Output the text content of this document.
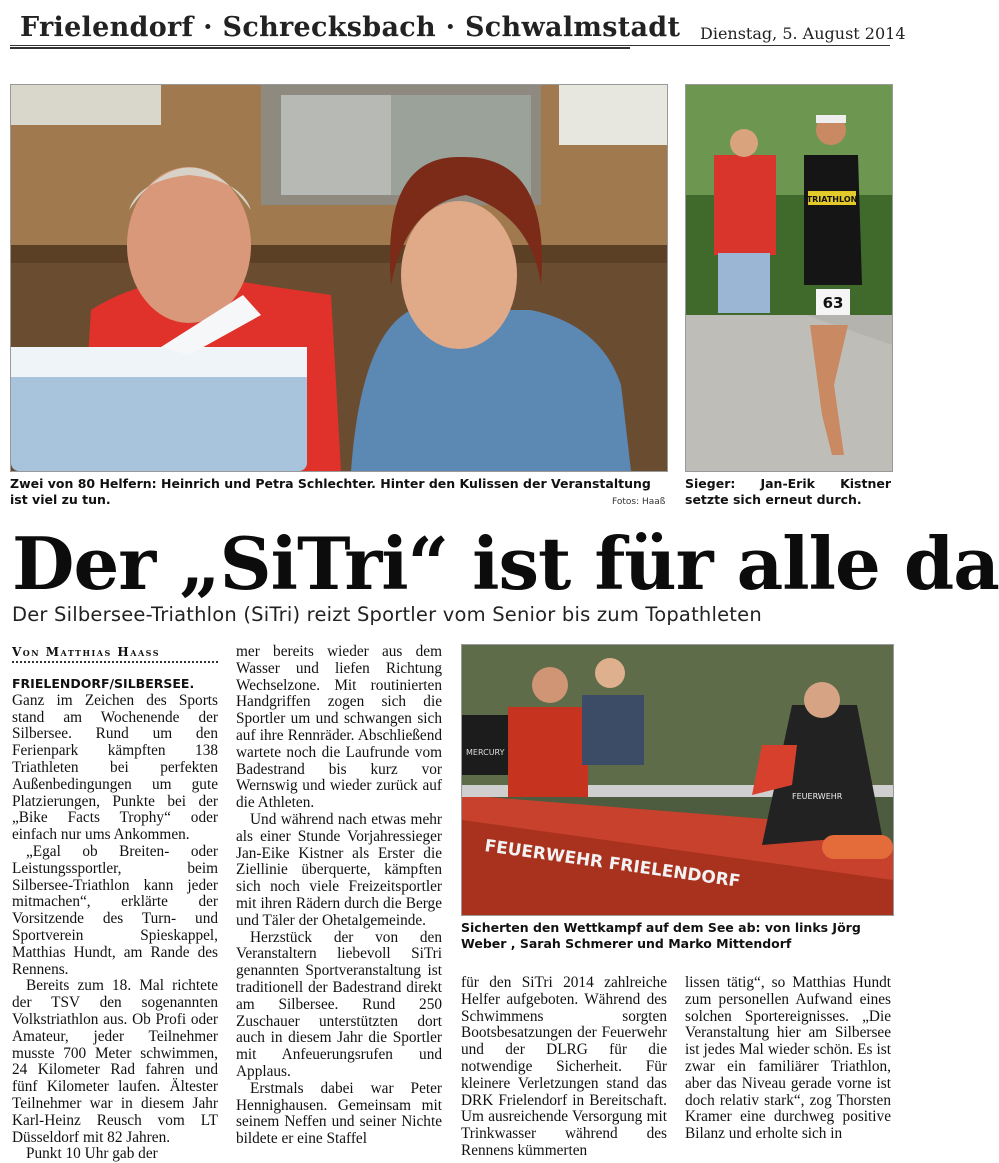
Frielendorf · Schrecksbach · Schwalmstadt Dienstag, 5. August 2014
Zwei von 80 Helfern: Heinrich und Petra Schlechter. Hinter den Kulissen der Veranstaltung ist viel zu tun.	Fotos: Haaß
TRIATHLON
63
Sieger: Jan-Erik Kistner setzte sich erneut durch.
Der „SiTri“ ist für alle da
Der Silbersee-Triathlon (SiTri) reizt Sportler vom Senior bis zum Topathleten
Von Matthias Haass

FRIELENDORF/SILBERSEE. Ganz im Zeichen des Sports stand am Wochenende der Silbersee. Rund um den Ferienpark kämpften 138 Triathleten bei perfekten Außenbedingungen um gute Platzierungen, Punkte bei der „Bike Facts Trophy“ oder einfach nur ums Ankommen.

„Egal ob Breiten- oder Leistungssportler, beim Silbersee-Triathlon kann jeder mitmachen“, erklärte der Vorsitzende des Turn- und Sportverein Spieskappel, Matthias Hundt, am Rande des Rennens.

Bereits zum 18. Mal richtete der TSV den sogenannten Volkstriathlon aus. Ob Profi oder Amateur, jeder Teilnehmer musste 700 Meter schwimmen, 24 Kilometer Rad fahren und fünf Kilometer laufen. Ältester Teilnehmer war in diesem Jahr Karl-Heinz Reusch vom LT Düsseldorf mit 82 Jahren.

Punkt 10 Uhr gab der

mer bereits wieder aus dem Wasser und liefen Richtung Wechselzone. Mit routinierten Handgriffen zogen sich die Sportler um und schwangen sich auf ihre Rennräder. Abschließend wartete noch die Laufrunde vom Badestrand bis kurz vor Wernswig und wieder zurück auf die Athleten.

Und während nach etwas mehr als einer Stunde Vorjahressieger Jan-Eike Kistner als Erster die Ziellinie überquerte, kämpften sich noch viele Freizeitsportler mit ihren Rädern durch die Berge und Täler der Ohetalgemeinde.

Herzstück der von den Veranstaltern liebevoll SiTri genannten Sportveranstaltung ist traditionell der Badestrand direkt am Silbersee. Rund 250 Zuschauer unterstützten dort auch in diesem Jahr die Sportler mit Anfeuerungsrufen und Applaus.

Erstmals dabei war Peter Hennighausen. Gemeinsam mit seinem Neffen und seiner Nichte bildete er eine Staffel

FEUERWEHR FRIELENDORF
MERCURY
FEUERWEHR
Sicherten den Wettkampf auf dem See ab: von links Jörg Weber , Sarah Schmerer und Marko Mittendorf

für den SiTri 2014 zahlreiche Helfer aufgeboten. Während des Schwimmens sorgten Bootsbesatzungen der Feuerwehr und der DLRG für die notwendige Sicherheit. Für kleinere Verletzungen stand das DRK Frielendorf in Bereitschaft. Um ausreichende Versorgung mit Trinkwasser während des Rennens kümmerten

lissen tätig“, so Matthias Hundt zum personellen Aufwand eines solchen Sportereignisses. „Die Veranstaltung hier am Silbersee ist jedes Mal wieder schön. Es ist zwar ein familiärer Triathlon, aber das Niveau gerade vorne ist doch relativ stark“, zog Thorsten Kramer eine durchweg positive Bilanz und erholte sich in
